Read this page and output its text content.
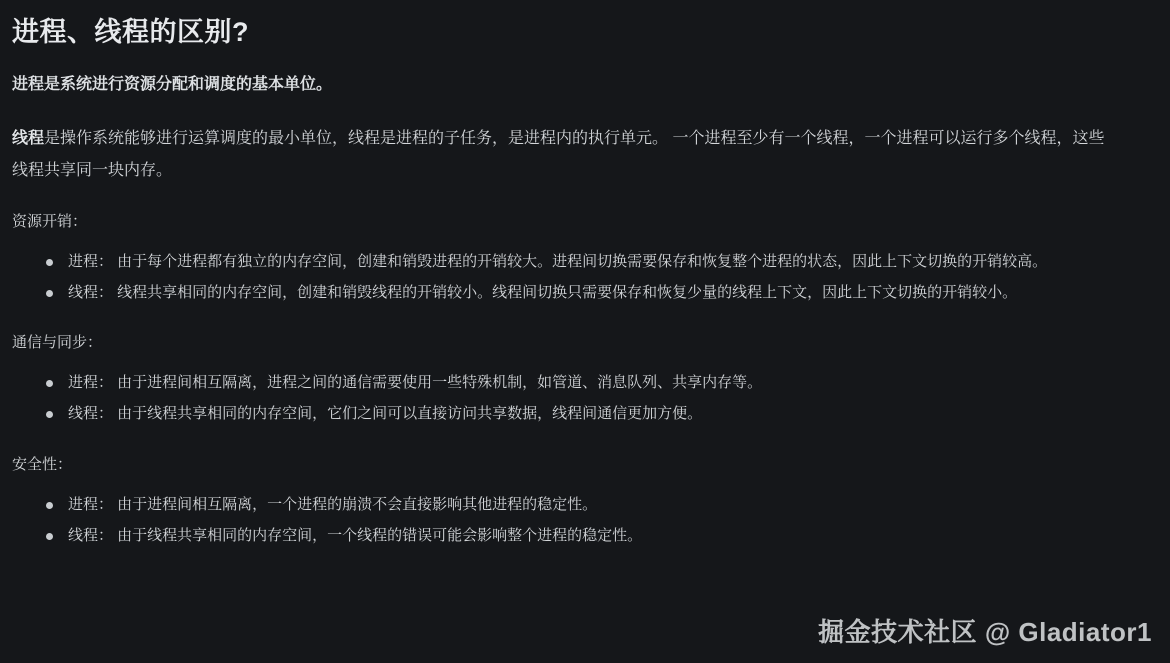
进程、线程的区别?

进程是系统进行资源分配和调度的基本单位。

线程是操作系统能够进行运算调度的最小单位，线程是进程的子任务，是进程内的执行单元。 一个进程至少有一个线程，一个进程可以运行多个线程，这些线程共享同一块内存。

资源开销：

进程： 由于每个进程都有独立的内存空间，创建和销毁进程的开销较大。进程间切换需要保存和恢复整个进程的状态，因此上下文切换的开销较高。
线程： 线程共享相同的内存空间，创建和销毁线程的开销较小。线程间切换只需要保存和恢复少量的线程上下文，因此上下文切换的开销较小。

通信与同步：

进程： 由于进程间相互隔离，进程之间的通信需要使用一些特殊机制，如管道、消息队列、共享内存等。
线程： 由于线程共享相同的内存空间，它们之间可以直接访问共享数据，线程间通信更加方便。

安全性：

进程： 由于进程间相互隔离，一个进程的崩溃不会直接影响其他进程的稳定性。
线程： 由于线程共享相同的内存空间，一个线程的错误可能会影响整个进程的稳定性。
掘金技术社区 @ Gladiator1
